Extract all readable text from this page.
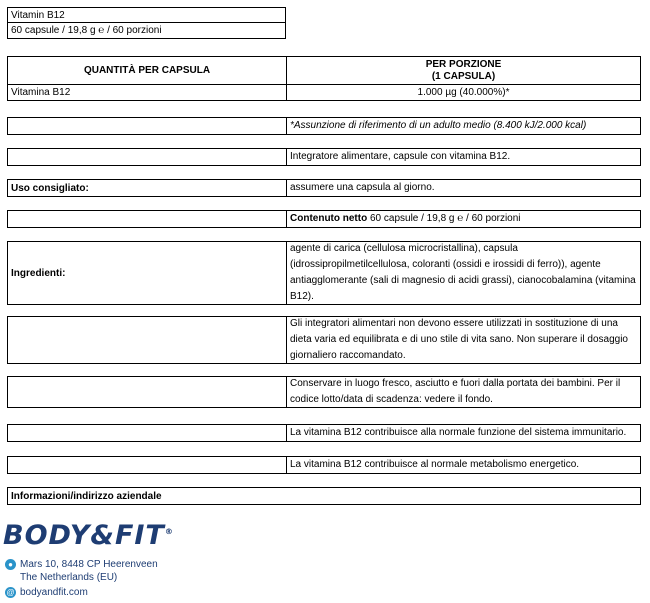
Vitamin B12
60 capsule / 19,8 g ℮ / 60 porzioni
QUANTITÀ PER CAPSULA
PER PORZIONE
(1 CAPSULA)
Vitamina B12	1.000 µg (40.000%)*
*Assunzione di riferimento di un adulto medio (8.400 kJ/2.000 kcal)
Integratore alimentare, capsule con vitamina B12.
Uso consigliato:	assumere una capsula al giorno.
Contenuto netto 60 capsule / 19,8 g ℮ / 60 porzioni
Ingredienti:
agente di carica (cellulosa microcristallina), capsula (idrossipropilmetilcellulosa, coloranti (ossidi e irossidi di ferro)), agente antiagglomerante (sali di magnesio di acidi grassi), cianocobalamina (vitamina B12).
Gli integratori alimentari non devono essere utilizzati in sostituzione di una dieta varia ed equilibrata e di uno stile di vita sano. Non superare il dosaggio giornaliero raccomandato.
Conservare in luogo fresco, asciutto e fuori dalla portata dei bambini. Per il codice lotto/data di scadenza: vedere il fondo.
La vitamina B12 contribuisce alla normale funzione del sistema immunitario.
La vitamina B12 contribuisce al normale metabolismo energetico.
Informazioni/indirizzo aziendale
BODY&FIT®
● Mars 10, 8448 CP Heerenveen
The Netherlands (EU)
@ bodyandfit.com
